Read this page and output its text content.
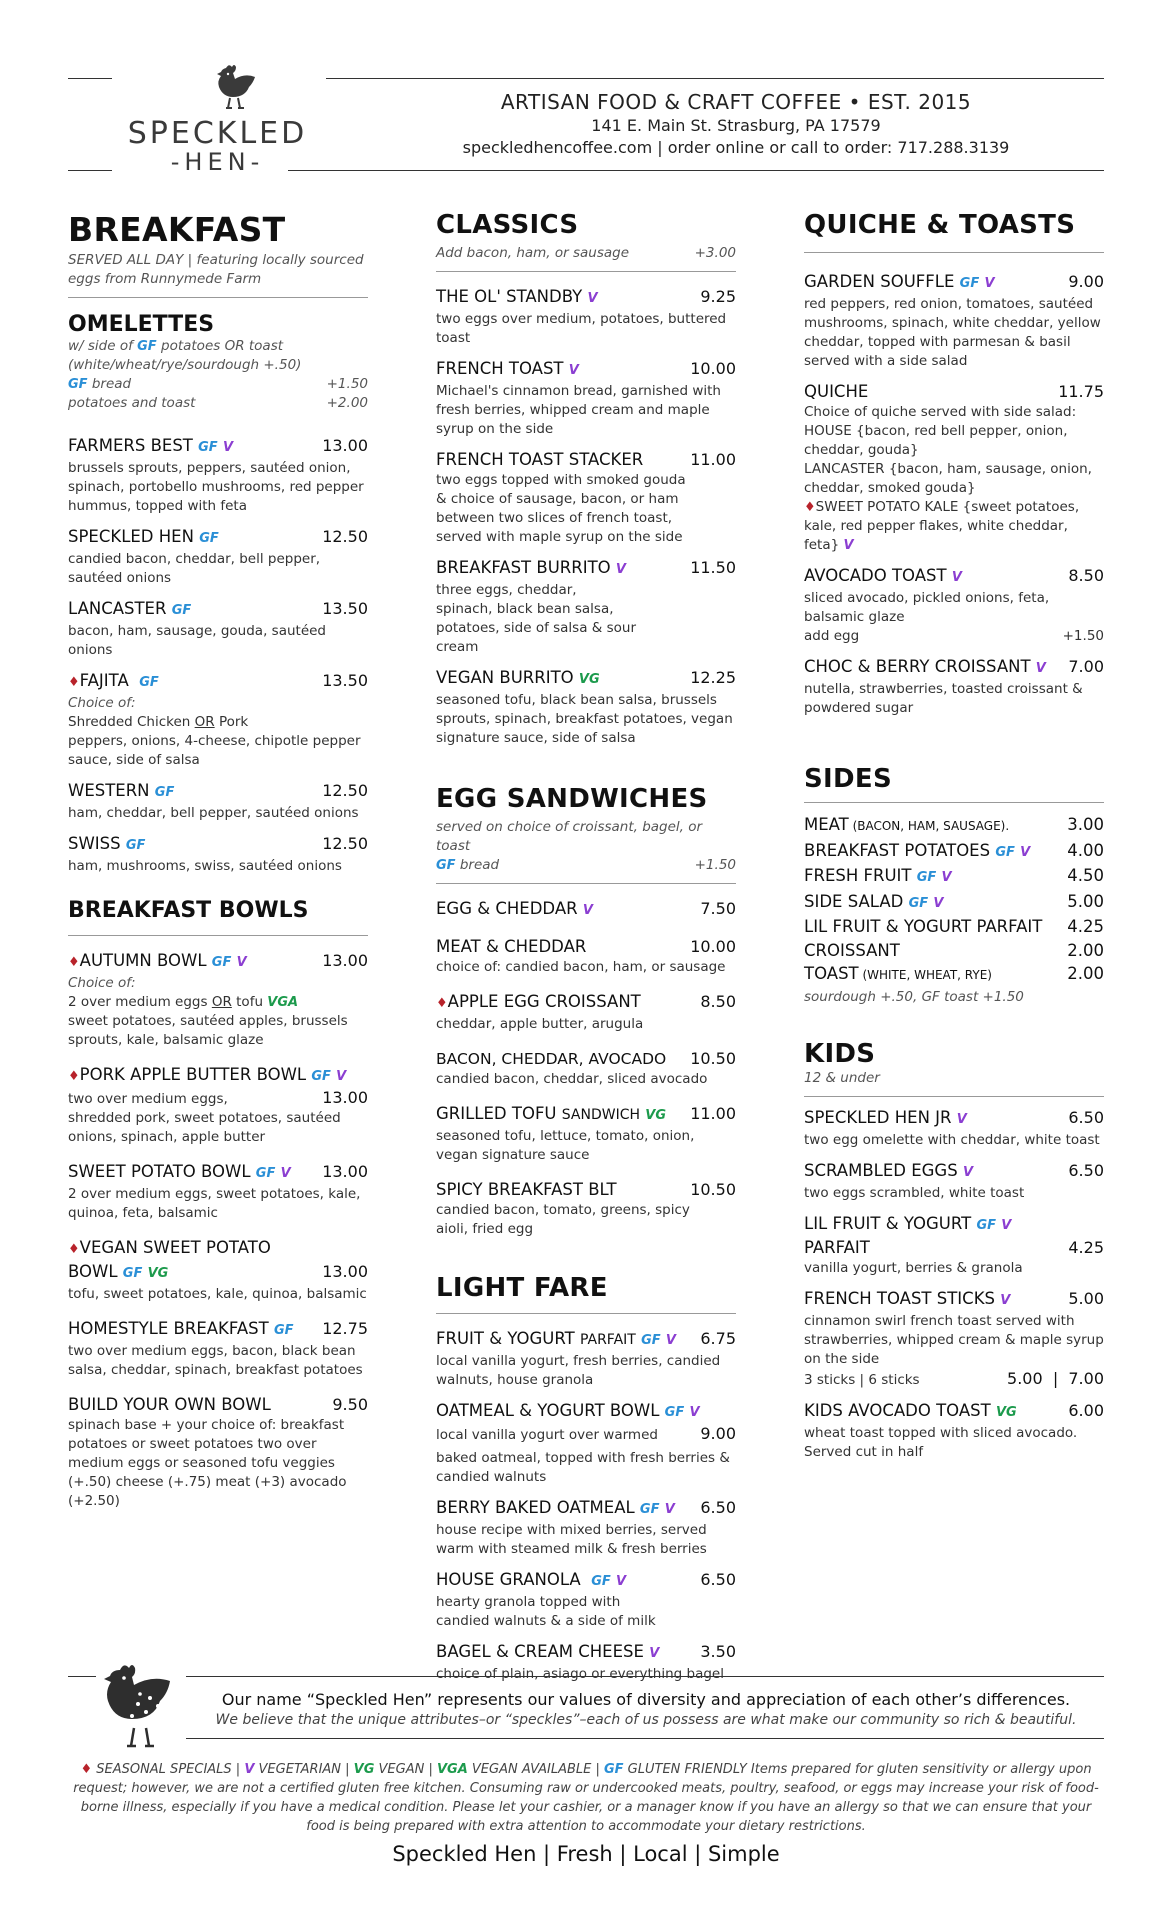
SPECKLED
-HEN-
ARTISAN FOOD & CRAFT COFFEE • EST. 2015
141 E. Main St. Strasburg, PA 17579
speckledhencoffee.com | order online or call to order: 717.288.3139
BREAKFAST
SERVED ALL DAY | featuring locally sourced eggs from Runnymede Farm
OMELETTES
w/ side of GF potatoes OR toast (white/wheat/rye/sourdough +.50)
GF bread	+1.50
potatoes and toast	+2.00
FARMERS BEST GF V	13.00
brussels sprouts, peppers, sautéed onion, spinach, portobello mushrooms, red pepper hummus, topped with feta
SPECKLED HEN GF	12.50
candied bacon, cheddar, bell pepper, sautéed onions
LANCASTER GF	13.50
bacon, ham, sausage, gouda, sautéed onions
♦FAJITA GF	13.50
Choice of:
Shredded Chicken OR Pork
peppers, onions, 4-cheese, chipotle pepper sauce, side of salsa
WESTERN GF	12.50
ham, cheddar, bell pepper, sautéed onions
SWISS GF	12.50
ham, mushrooms, swiss, sautéed onions
BREAKFAST BOWLS
♦AUTUMN BOWL GF V	13.00
Choice of:
2 over medium eggs OR tofu VGA
sweet potatoes, sautéed apples, brussels sprouts, kale, balsamic glaze
♦PORK APPLE BUTTER BOWL GF V
two over medium eggs,	13.00
shredded pork, sweet potatoes, sautéed onions, spinach, apple butter
SWEET POTATO BOWL GF V 13.00
2 over medium eggs, sweet potatoes, kale, quinoa, feta, balsamic
♦VEGAN SWEET POTATO
BOWL GF VG	13.00
tofu, sweet potatoes, kale, quinoa, balsamic
HOMESTYLE BREAKFAST GF 12.75
two over medium eggs, bacon, black bean salsa, cheddar, spinach, breakfast potatoes
BUILD YOUR OWN BOWL	9.50
spinach base + your choice of: breakfast potatoes or sweet potatoes two over medium eggs or seasoned tofu veggies (+.50) cheese (+.75) meat (+3) avocado (+2.50)
CLASSICS
Add bacon, ham, or sausage	+3.00
THE OL' STANDBY V	9.25
two eggs over medium, potatoes, buttered toast
FRENCH TOAST V	10.00
Michael's cinnamon bread, garnished with fresh berries, whipped cream and maple syrup on the side
FRENCH TOAST STACKER	11.00
two eggs topped with smoked gouda & choice of sausage, bacon, or ham between two slices of french toast, served with maple syrup on the side
BREAKFAST BURRITO V	11.50
three eggs, cheddar, spinach, black bean salsa, potatoes, side of salsa & sour cream
VEGAN BURRITO VG	12.25
seasoned tofu, black bean salsa, brussels sprouts, spinach, breakfast potatoes, vegan signature sauce, side of salsa
EGG SANDWICHES
served on choice of croissant, bagel, or toast
GF bread	+1.50
EGG & CHEDDAR V	7.50
MEAT & CHEDDAR	10.00
choice of: candied bacon, ham, or sausage
♦APPLE EGG CROISSANT	8.50
cheddar, apple butter, arugula
BACON, CHEDDAR, AVOCADO 10.50
candied bacon, cheddar, sliced avocado
GRILLED TOFU SANDWICH VG 11.00
seasoned tofu, lettuce, tomato, onion, vegan signature sauce
SPICY BREAKFAST BLT	10.50
candied bacon, tomato, greens, spicy aioli, fried egg
LIGHT FARE
FRUIT & YOGURT PARFAIT GF V 6.75
local vanilla yogurt, fresh berries, candied walnuts, house granola
OATMEAL & YOGURT BOWL GF V
local vanilla yogurt over warmed	9.00
baked oatmeal, topped with fresh berries & candied walnuts
BERRY BAKED OATMEAL GF V 6.50
house recipe with mixed berries, served warm with steamed milk & fresh berries
HOUSE GRANOLA GF V	6.50
hearty granola topped with candied walnuts & a side of milk
BAGEL & CREAM CHEESE V	3.50
choice of plain, asiago or everything bagel
QUICHE & TOASTS
GARDEN SOUFFLE GF V	9.00
red peppers, red onion, tomatoes, sautéed mushrooms, spinach, white cheddar, yellow cheddar, topped with parmesan & basil served with a side salad
QUICHE	11.75
Choice of quiche served with side salad:
HOUSE {bacon, red bell pepper, onion, cheddar, gouda}
LANCASTER {bacon, ham, sausage, onion, cheddar, smoked gouda}
♦SWEET POTATO KALE {sweet potatoes, kale, red pepper flakes, white cheddar, feta} V
AVOCADO TOAST V	8.50
sliced avocado, pickled onions, feta, balsamic glaze
add egg	+1.50
CHOC & BERRY CROISSANT V 7.00
nutella, strawberries, toasted croissant & powdered sugar
SIDES
MEAT (BACON, HAM, SAUSAGE).	3.00
BREAKFAST POTATOES GF V 4.00
FRESH FRUIT GF V	4.50
SIDE SALAD GF V	5.00
LIL FRUIT & YOGURT PARFAIT 4.25
CROISSANT	2.00
TOAST (WHITE, WHEAT, RYE)	2.00
sourdough +.50, GF toast +1.50
KIDS
12 & under
SPECKLED HEN JR V	6.50
two egg omelette with cheddar, white toast
SCRAMBLED EGGS V	6.50
two eggs scrambled, white toast
LIL FRUIT & YOGURT GF V
PARFAIT	4.25
vanilla yogurt, berries & granola
FRENCH TOAST STICKS V	5.00
cinnamon swirl french toast served with strawberries, whipped cream & maple syrup on the side
3 sticks | 6 sticks	5.00  |  7.00
KIDS AVOCADO TOAST VG	6.00
wheat toast topped with sliced avocado. Served cut in half
Our name “Speckled Hen” represents our values of diversity and appreciation of each other’s differences.
We believe that the unique attributes–or “speckles”–each of us possess are what make our community so rich & beautiful.
♦ SEASONAL SPECIALS | V VEGETARIAN | VG VEGAN | VGA VEGAN AVAILABLE | GF GLUTEN FRIENDLY Items prepared for gluten sensitivity or allergy upon request; however, we are not a certified gluten free kitchen. Consuming raw or undercooked meats, poultry, seafood, or eggs may increase your risk of food-borne illness, especially if you have a medical condition. Please let your cashier, or a manager know if you have an allergy so that we can ensure that your food is being prepared with extra attention to accommodate your dietary restrictions.
Speckled Hen | Fresh | Local | Simple
